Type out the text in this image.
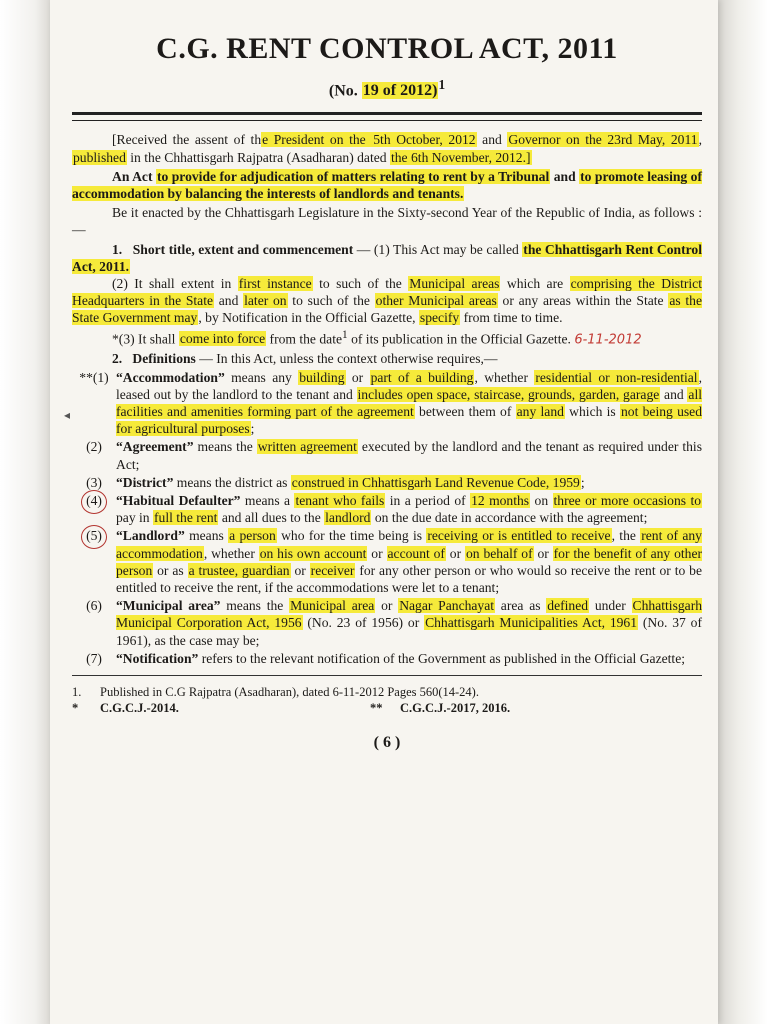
◂
C.G. RENT CONTROL ACT, 2011
(No. 19 of 2012)$^1$

[Received the assent of the President on the 5th October, 2012 and Governor on the 23rd May, 2011, published in the Chhattisgarh Rajpatra (Asadharan) dated the 6th November, 2012.]

An Act to provide for adjudication of matters relating to rent by a Tribunal and to promote leasing of accommodation by balancing the interests of landlords and tenants.

Be it enacted by the Chhattisgarh Legislature in the Sixty-second Year of the Republic of India, as follows :—

1. Short title, extent and commencement — (1) This Act may be called the Chhattisgarh Rent Control Act, 2011.

(2) It shall extent in first instance to such of the Municipal areas which are comprising the District Headquarters in the State and later on to such of the other Municipal areas or any areas within the State as the State Government may, by Notification in the Official Gazette, specify from time to time.

*(3) It shall come into force from the date$^1$ of its publication in the Official Gazette. 6-11-2012

2. Definitions — In this Act, unless the context otherwise requires,—

**(1) “Accommodation” means any building or part of a building, whether residential or non-residential, leased out by the landlord to the tenant and includes open space, staircase, grounds, garden, garage and all facilities and amenities forming part of the agreement between them of any land which is not being used for agricultural purposes;

(2)	“Agreement” means the written agreement executed by the landlord and the tenant as required under this Act;

(3)	“District” means the district as construed in Chhattisgarh Land Revenue Code, 1959;

(4)	“Habitual Defaulter” means a tenant who fails in a period of 12 months on three or more occasions to pay in full the rent and all dues to the landlord on the due date in accordance with the agreement;

(5)	“Landlord” means a person who for the time being is receiving or is entitled to receive, the rent of any accommodation, whether on his own account or account of or on behalf of or for the benefit of any other person or as a trustee, guardian or receiver for any other person or who would so receive the rent or to be entitled to receive the rent, if the accommodations were let to a tenant;

(6)	“Municipal area” means the Municipal area or Nagar Panchayat area as defined under Chhattisgarh Municipal Corporation Act, 1956 (No. 23 of 1956) or Chhattisgarh Municipalities Act, 1961 (No. 37 of 1961), as the case may be;

(7)	“Notification” refers to the relevant notification of the Government as published in the Official Gazette;

1.	Published in C.G Rajpatra (Asadharan), dated 6-11-2012 Pages 560(14-24).
*	C.G.C.J.-2014.	**	C.G.C.J.-2017, 2016.
( 6 )
